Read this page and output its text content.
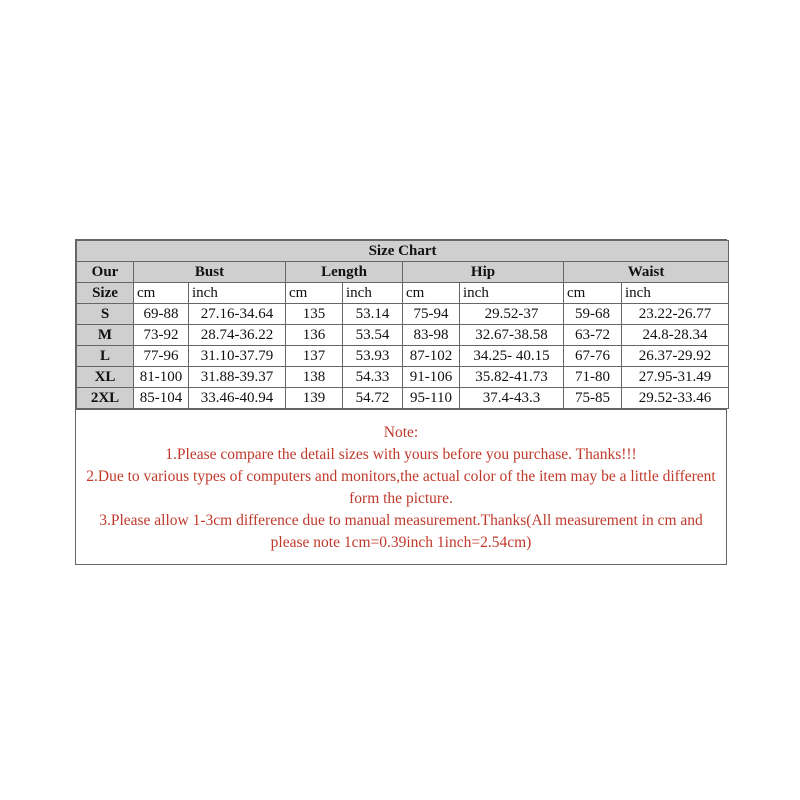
Size Chart								
Our	Bust		Length		Hip		Waist	
Size	cm	inch	cm	inch	cm	inch	cm	inch
S	69-88	27.16-34.64	135	53.14	75-94	29.52-37	59-68	23.22-26.77
M	73-92	28.74-36.22	136	53.54	83-98	32.67-38.58	63-72	24.8-28.34
L	77-96	31.10-37.79	137	53.93	87-102	34.25- 40.15	67-76	26.37-29.92
XL	81-100	31.88-39.37	138	54.33	91-106	35.82-41.73	71-80	27.95-31.49
2XL	85-104	33.46-40.94	139	54.72	95-110	37.4-43.3	75-85	29.52-33.46
Note:
1.Please compare the detail sizes with yours before you purchase. Thanks!!!
2.Due to various types of computers and monitors,the actual color of the item may be a little different form the picture.
3.Please allow 1-3cm difference due to manual measurement.Thanks(All measurement in cm and please note 1cm=0.39inch 1inch=2.54cm)
